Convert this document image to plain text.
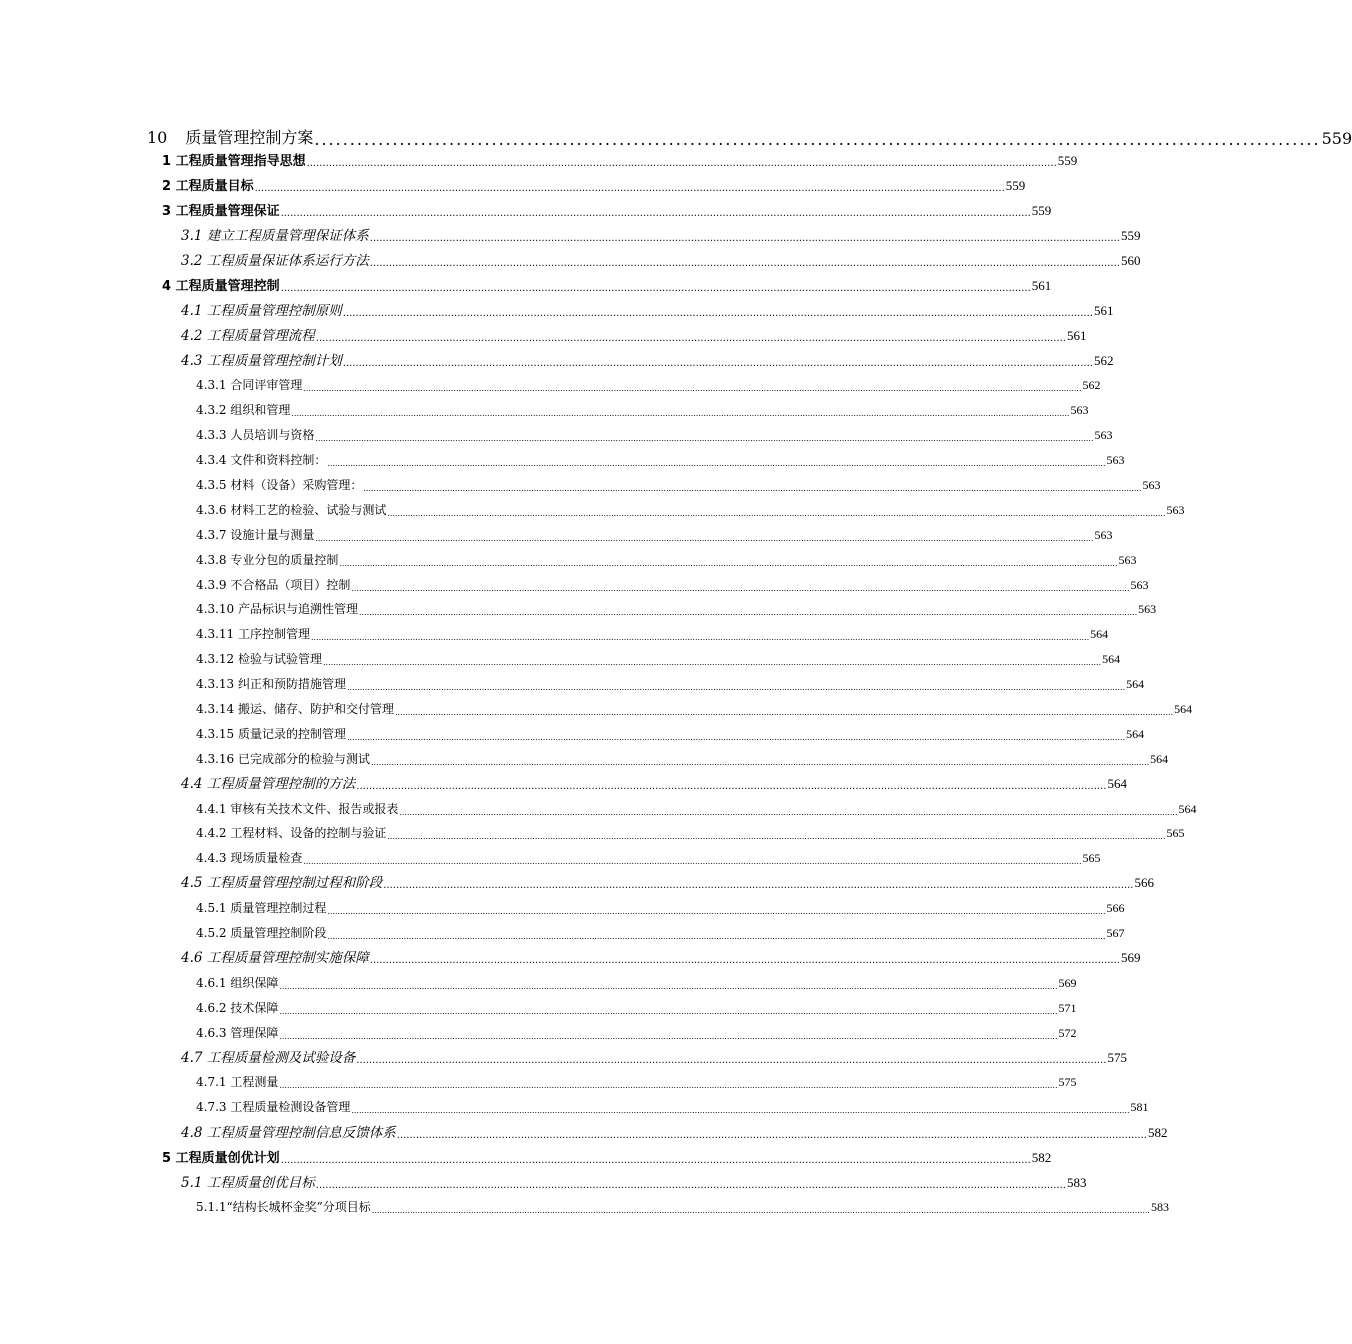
10 质量管理控制方案 .............................................................................................................................................. 559
1 工程质量管理指导思想 ............................................................................................................................................................................................................................................ 559
2 工程质量目标 ............................................................................................................................................................................................................................................ 559
3 工程质量管理保证 ............................................................................................................................................................................................................................................ 559
3.1 建立工程质量管理保证体系 ............................................................................................................................................................................................................................................ 559
3.2 工程质量保证体系运行方法 ............................................................................................................................................................................................................................................ 560
4 工程质量管理控制 ............................................................................................................................................................................................................................................ 561
4.1 工程质量管理控制原则 ............................................................................................................................................................................................................................................ 561
4.2 工程质量管理流程 ............................................................................................................................................................................................................................................ 561
4.3 工程质量管理控制计划 ............................................................................................................................................................................................................................................ 562
4.3.1 合同评审管理 .................................................................................................................................................................................................................................................................................................................. 562
4.3.2 组织和管理 .................................................................................................................................................................................................................................................................................................................. 563
4.3.3 人员培训与资格 .................................................................................................................................................................................................................................................................................................................. 563
4.3.4 文件和资料控制： .................................................................................................................................................................................................................................................................................................................. 563
4.3.5 材料（设备）采购管理： .................................................................................................................................................................................................................................................................................................................. 563
4.3.6 材料工艺的检验、试验与测试 .................................................................................................................................................................................................................................................................................................................. 563
4.3.7 设施计量与测量 .................................................................................................................................................................................................................................................................................................................. 563
4.3.8 专业分包的质量控制 .................................................................................................................................................................................................................................................................................................................. 563
4.3.9 不合格品（项目）控制 .................................................................................................................................................................................................................................................................................................................. 563
4.3.10 产品标识与追溯性管理 .................................................................................................................................................................................................................................................................................................................. 563
4.3.11 工序控制管理 .................................................................................................................................................................................................................................................................................................................. 564
4.3.12 检验与试验管理 .................................................................................................................................................................................................................................................................................................................. 564
4.3.13 纠正和预防措施管理 .................................................................................................................................................................................................................................................................................................................. 564
4.3.14 搬运、储存、防护和交付管理 .................................................................................................................................................................................................................................................................................................................. 564
4.3.15 质量记录的控制管理 .................................................................................................................................................................................................................................................................................................................. 564
4.3.16 已完成部分的检验与测试 .................................................................................................................................................................................................................................................................................................................. 564
4.4 工程质量管理控制的方法 ............................................................................................................................................................................................................................................ 564
4.4.1 审核有关技术文件、报告或报表 .................................................................................................................................................................................................................................................................................................................. 564
4.4.2 工程材料、设备的控制与验证 .................................................................................................................................................................................................................................................................................................................. 565
4.4.3 现场质量检查 .................................................................................................................................................................................................................................................................................................................. 565
4.5 工程质量管理控制过程和阶段 ............................................................................................................................................................................................................................................ 566
4.5.1 质量管理控制过程 .................................................................................................................................................................................................................................................................................................................. 566
4.5.2 质量管理控制阶段 .................................................................................................................................................................................................................................................................................................................. 567
4.6 工程质量管理控制实施保障 ............................................................................................................................................................................................................................................ 569
4.6.1 组织保障 .................................................................................................................................................................................................................................................................................................................. 569
4.6.2 技术保障 .................................................................................................................................................................................................................................................................................................................. 571
4.6.3 管理保障 .................................................................................................................................................................................................................................................................................................................. 572
4.7 工程质量检测及试验设备 ............................................................................................................................................................................................................................................ 575
4.7.1 工程测量 .................................................................................................................................................................................................................................................................................................................. 575
4.7.3 工程质量检测设备管理 .................................................................................................................................................................................................................................................................................................................. 581
4.8 工程质量管理控制信息反馈体系 ............................................................................................................................................................................................................................................ 582
5 工程质量创优计划 ............................................................................................................................................................................................................................................ 582
5.1 工程质量创优目标 ............................................................................................................................................................................................................................................ 583
5.1.1“结构长城杯金奖”分项目标 .................................................................................................................................................................................................................................................................................................................. 583
